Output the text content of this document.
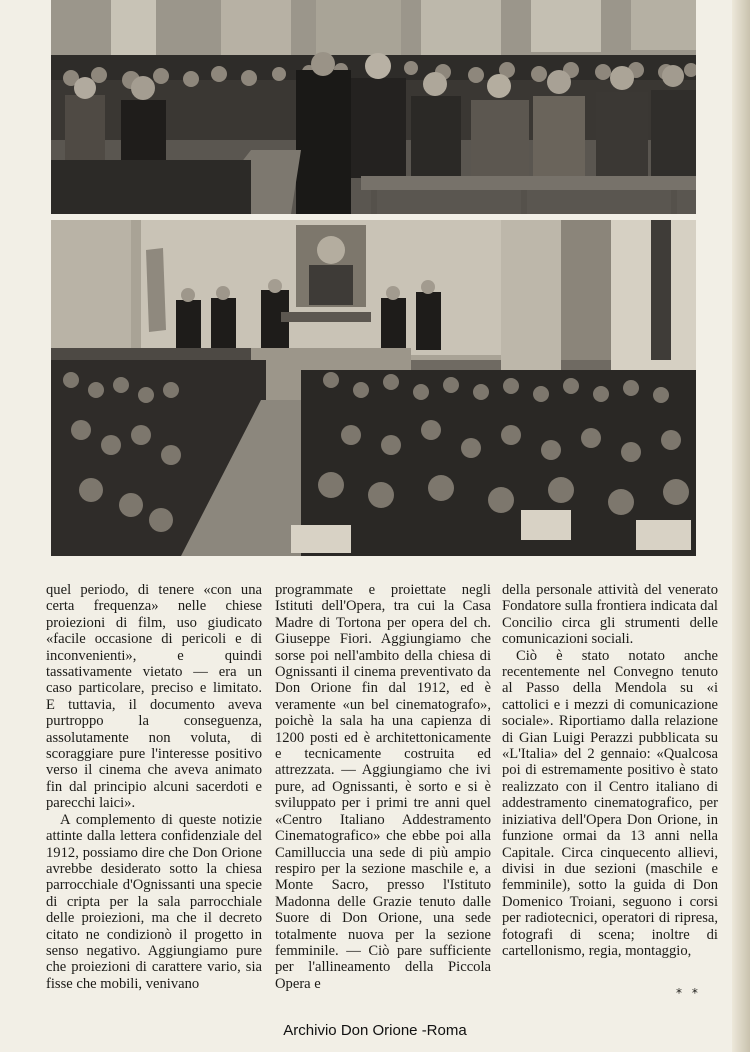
quel periodo, di tenere «con una certa frequenza» nelle chiese proiezioni di film, uso giudicato «facile occasione di pericoli e di inconvenienti», e quindi tassativamente vietato — era un caso particolare, preciso e limitato. E tuttavia, il documento aveva purtroppo la conseguenza, assolutamente non voluta, di scoraggiare pure l'interesse positivo verso il cinema che aveva animato fin dal principio alcuni sacerdoti e parecchi laici».

A complemento di queste notizie attinte dalla lettera confidenziale del 1912, possiamo dire che Don Orione avrebbe desiderato sotto la chiesa parrocchiale d'Ognissanti una specie di cripta per la sala parrocchiale delle proiezioni, ma che il decreto citato ne condizionò il progetto in senso negativo. Aggiungiamo pure che proiezioni di carattere vario, sia fisse che mobili, venivano

programmate e proiettate negli Istituti dell'Opera, tra cui la Casa Madre di Tortona per opera del ch. Giuseppe Fiori. Aggiungiamo che sorse poi nell'ambito della chiesa di Ognissanti il cinema preventivato da Don Orione fin dal 1912, ed è veramente «un bel cinematografo», poichè la sala ha una capienza di 1200 posti ed è architettonicamente e tecnicamente costruita ed attrezzata. — Aggiungiamo che ivi pure, ad Ognissanti, è sorto e si è sviluppato per i primi tre anni quel «Centro Italiano Addestramento Cinematografico» che ebbe poi alla Camilluccia una sede di più ampio respiro per la sezione maschile e, a Monte Sacro, presso l'Istituto Madonna delle Grazie tenuto dalle Suore di Don Orione, una sede totalmente nuova per la sezione femminile. — Ciò pare sufficiente per l'allineamento della Piccola Opera e

della personale attività del venerato Fondatore sulla frontiera indicata dal Concilio circa gli strumenti delle comunicazioni sociali.

Ciò è stato notato anche recentemente nel Convegno tenuto al Passo della Mendola su «i cattolici e i mezzi di comunicazione sociale». Riportiamo dalla relazione di Gian Luigi Perazzi pubblicata su «L'Italia» del 2 gennaio: «Qualcosa poi di estremamente positivo è stato realizzato con il Centro italiano di addestramento cinematografico, per iniziativa dell'Opera Don Orione, in funzione ormai da 13 anni nella Capitale. Circa cinquecento allievi, divisi in due sezioni (maschile e femminile), sotto la guida di Don Domenico Troiani, seguono i corsi per radiotecnici, operatori di ripresa, fotografi di scena; inoltre di cartellonismo, regia, montaggio,

* *
Archivio Don Orione -Roma
